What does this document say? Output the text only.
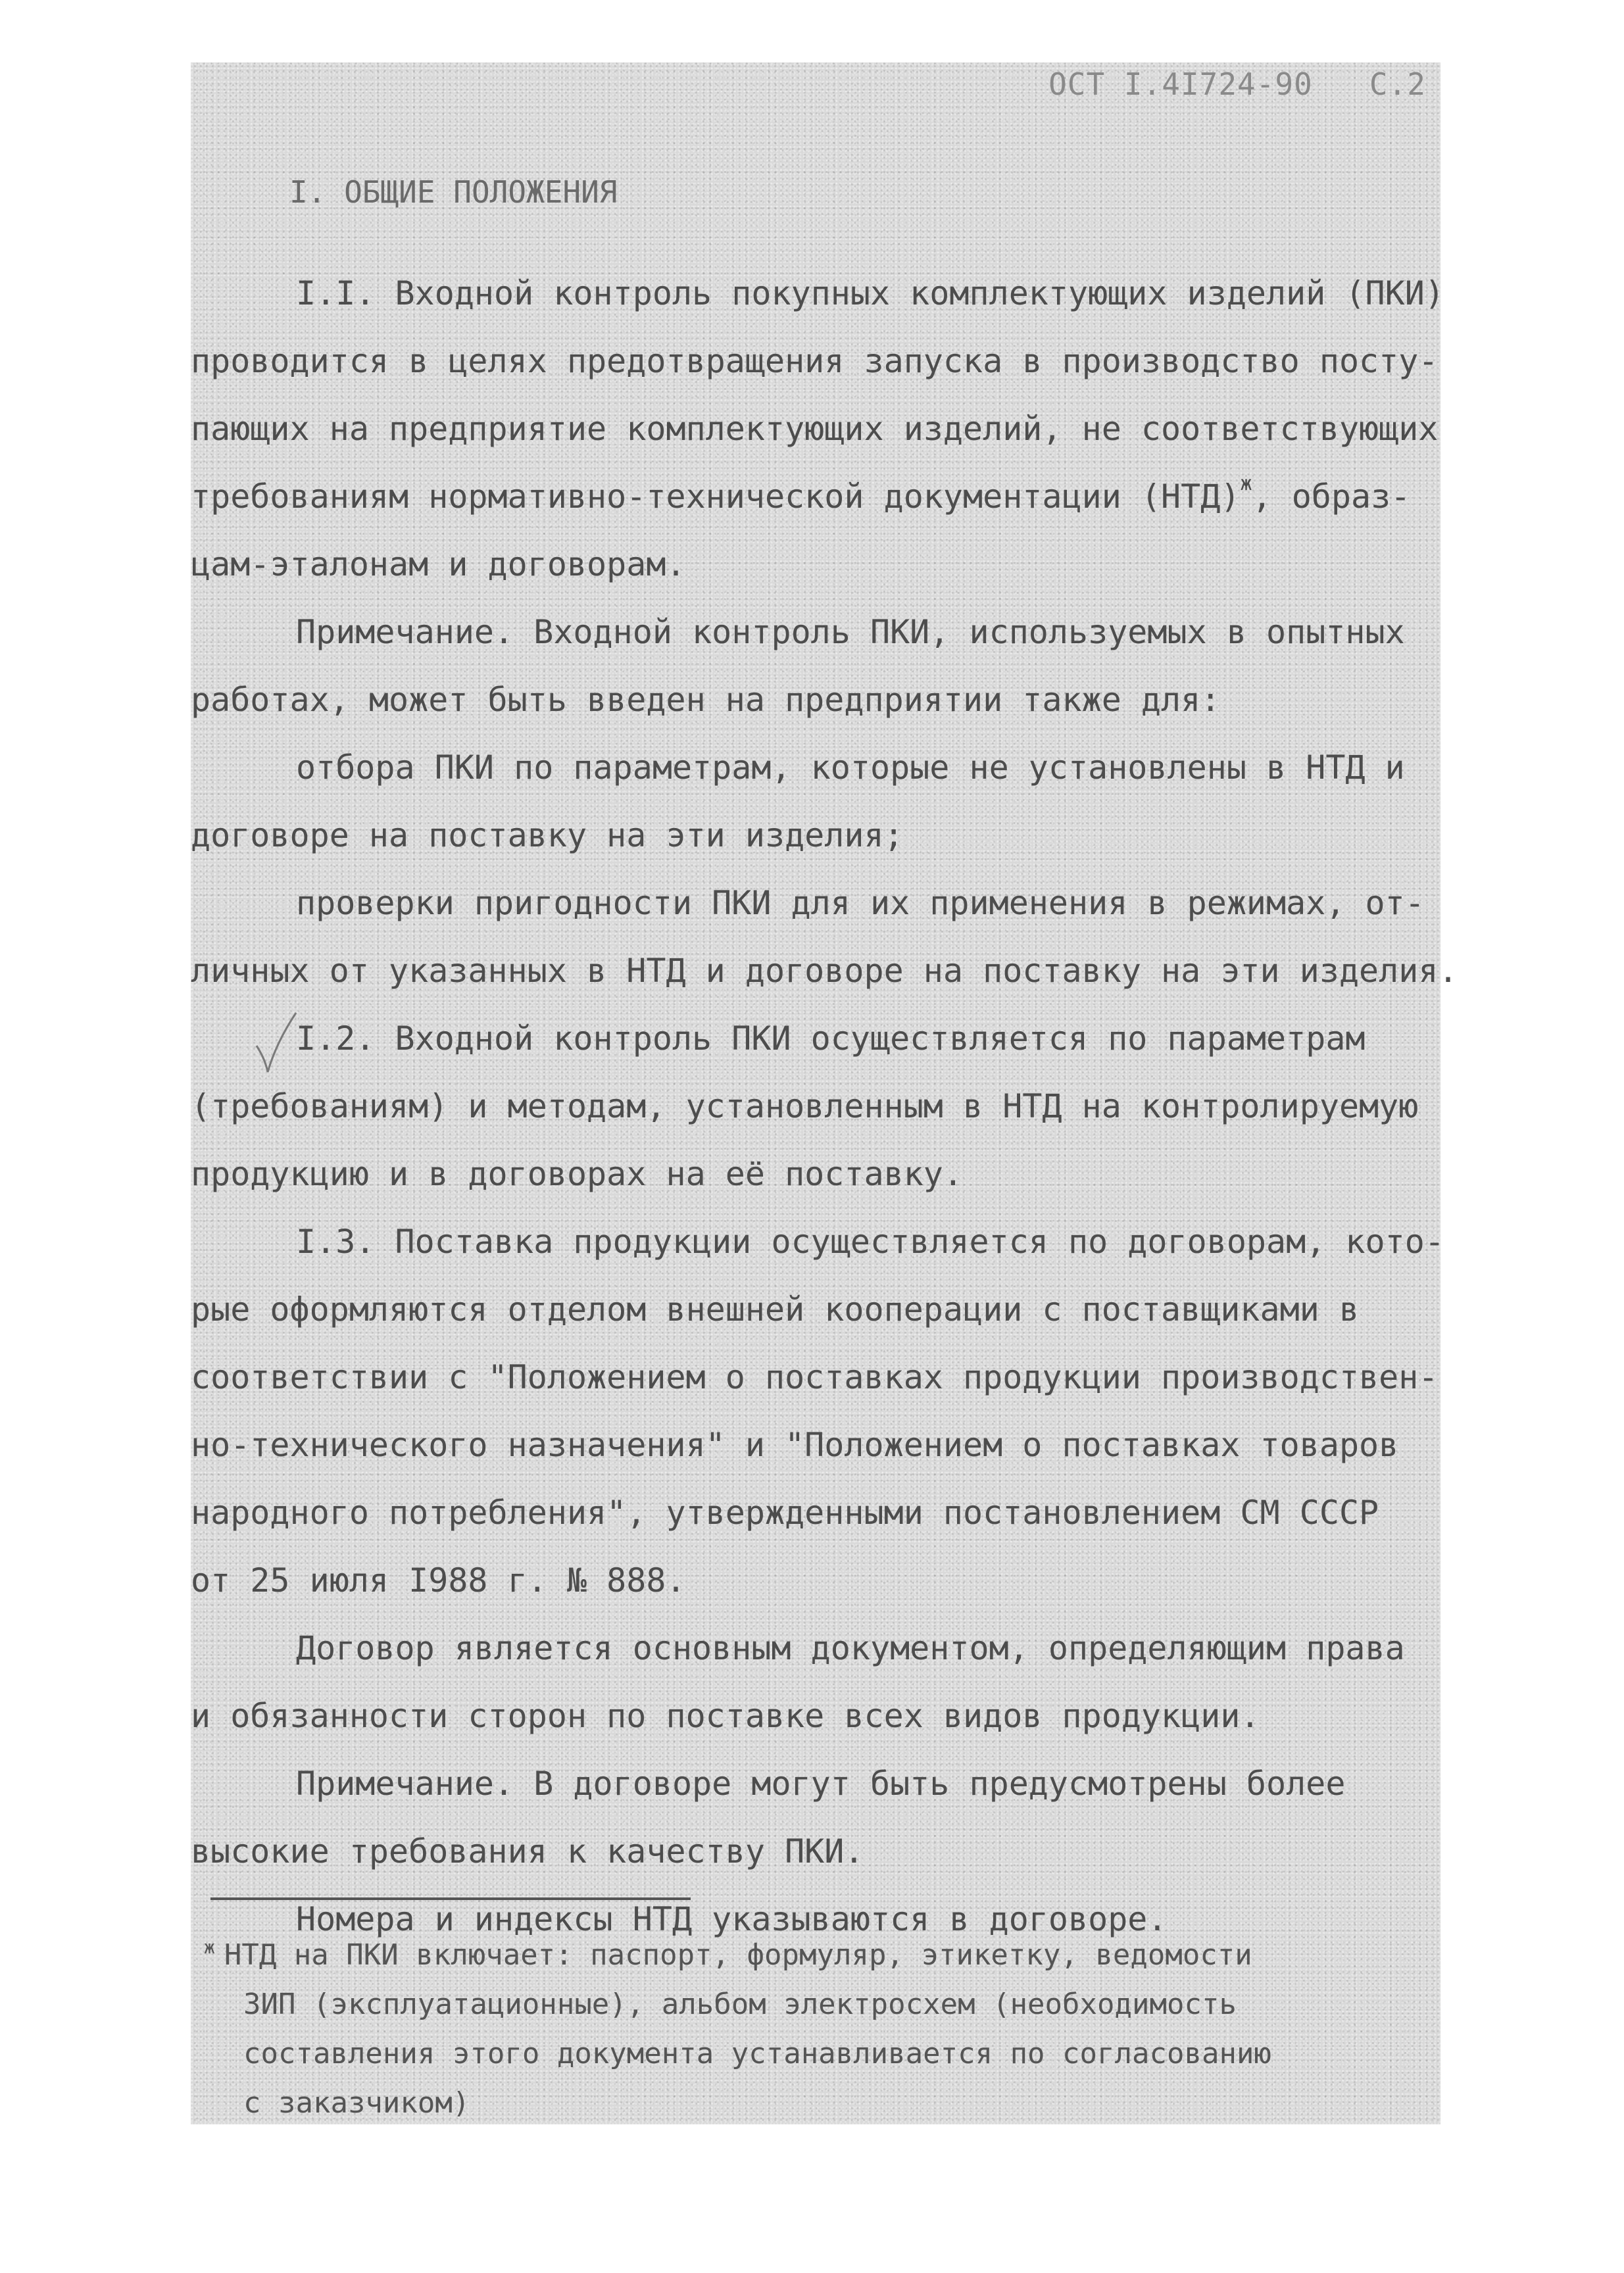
ОСТ I.4I724-90 С.2
I. ОБЩИЕ ПОЛОЖЕНИЯ
I.I. Входной контроль покупных комплектующих изделий (ПКИ)
проводится в целях предотвращения запуска в производство посту-
пающих на предприятие комплектующих изделий, не соответствующих
требованиям нормативно-технической документации (НТД)$^ж$, образ-
цам-эталонам и договорам.
Примечание. Входной контроль ПКИ, используемых в опытных
работах, может быть введен на предприятии также для:
отбора ПКИ по параметрам, которые не установлены в НТД и
договоре на поставку на эти изделия;
проверки пригодности ПКИ для их применения в режимах, от-
личных от указанных в НТД и договоре на поставку на эти изделия.
I.2. Входной контроль ПКИ осуществляется по параметрам
(требованиям) и методам, установленным в НТД на контролируемую
продукцию и в договорах на её поставку.
I.3. Поставка продукции осуществляется по договорам, кото-
рые оформляются отделом внешней кооперации с поставщиками в
соответствии с "Положением о поставках продукции производствен-
но-технического назначения" и "Положением о поставках товаров
народного потребления", утвержденными постановлением СМ СССР
от 25 июля I988 г. № 888.
Договор является основным документом, определяющим права
и обязанности сторон по поставке всех видов продукции.
Примечание. В договоре могут быть предусмотрены более
высокие требования к качеству ПКИ.
Номера и индексы НТД указываются в договоре.
$^ж$ НТД на ПКИ включает: паспорт, формуляр, этикетку, ведомости
ЗИП (эксплуатационные), альбом электросхем (необходимость
составления этого документа устанавливается по согласованию
с заказчиком)
